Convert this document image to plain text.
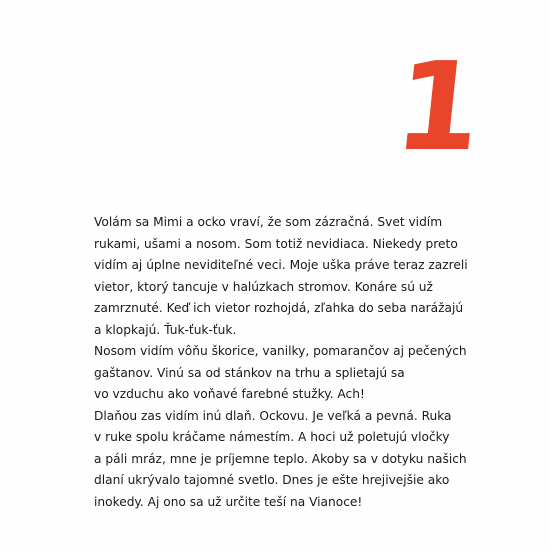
1
Volám sa Mimi a ocko vraví, že som zázračná. Svet vidím
rukami, ušami a nosom. Som totiž nevidiaca. Niekedy preto
vidím aj úplne neviditeľné veci. Moje uška práve teraz zazreli
vietor, ktorý tancuje v halúzkach stromov. Konáre sú už
zamrznuté. Keď ich vietor rozhojdá, zľahka do seba narážajú
a klopkajú. Ťuk-ťuk-ťuk.
Nosom vidím vôňu škorice, vanilky, pomarančov aj pečených
gaštanov. Vinú sa od stánkov na trhu a splietajú sa
vo vzduchu ako voňavé farebné stužky. Ach!
Dlaňou zas vidím inú dlaň. Ockovu. Je veľká a pevná. Ruka
v ruke spolu kráčame námestím. A hoci už poletujú vločky
a páli mráz, mne je príjemne teplo. Akoby sa v dotyku našich
dlaní ukrývalo tajomné svetlo. Dnes je ešte hrejivejšie ako
inokedy. Aj ono sa už určite teší na Vianoce!
